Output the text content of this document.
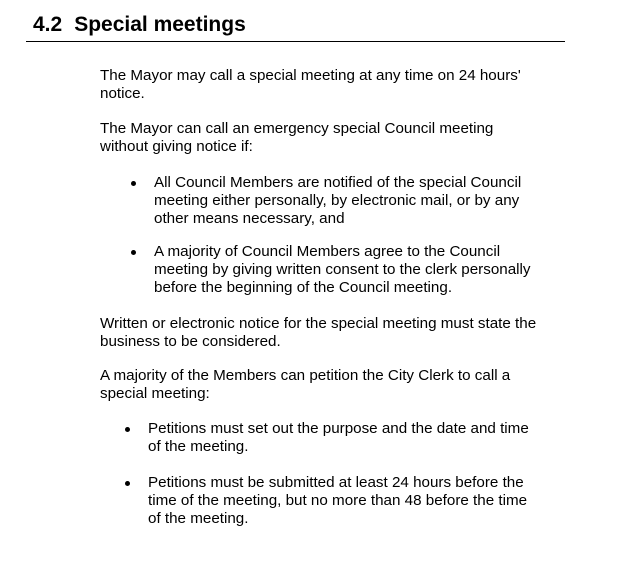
4.2 Special meetings
The Mayor may call a special meeting at any time on 24 hours'
notice.
The Mayor can call an emergency special Council meeting
without giving notice if:
All Council Members are notified of the special Council
meeting either personally, by electronic mail, or by any
other means necessary, and
A majority of Council Members agree to the Council
meeting by giving written consent to the clerk personally
before the beginning of the Council meeting.
Written or electronic notice for the special meeting must state the
business to be considered.
A majority of the Members can petition the City Clerk to call a
special meeting:
Petitions must set out the purpose and the date and time
of the meeting.
Petitions must be submitted at least 24 hours before the
time of the meeting, but no more than 48 before the time
of the meeting.
